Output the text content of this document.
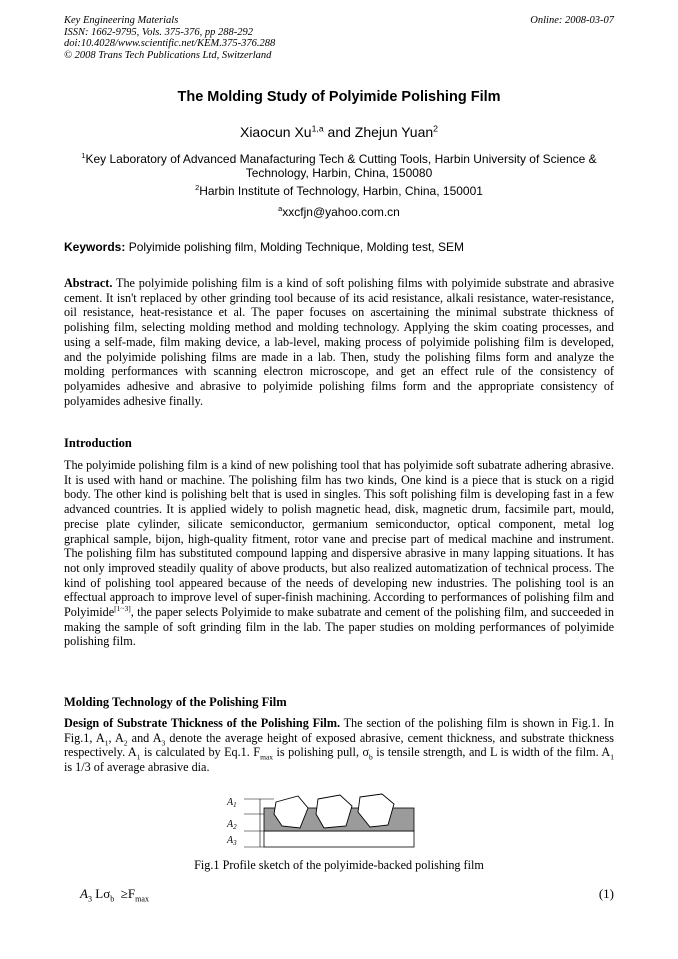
Key Engineering Materials
ISSN: 1662-9795, Vols. 375-376, pp 288-292
doi:10.4028/www.scientific.net/KEM.375-376.288
© 2008 Trans Tech Publications Ltd, Switzerland
Online: 2008-03-07
The Molding Study of Polyimide Polishing Film
Xiaocun Xu$^{1,a}$ and Zhejun Yuan$^2$
$^1$Key Laboratory of Advanced Manafacturing Tech & Cutting Tools, Harbin University of Science & Technology, Harbin, China, 150080
$^2$Harbin Institute of Technology, Harbin, China, 150001
$^a$xxcfjn@yahoo.com.cn
Keywords: Polyimide polishing film, Molding Technique, Molding test, SEM
Abstract. The polyimide polishing film is a kind of soft polishing films with polyimide substrate and abrasive cement. It isn't replaced by other grinding tool because of its acid resistance, alkali resistance, water-resistance, oil resistance, heat-resistance et al. The paper focuses on ascertaining the minimal substrate thickness of polishing film, selecting molding method and molding technology. Applying the skim coating processes, and using a self-made, film making device, a lab-level, making process of polyimide polishing film is developed, and the polyimide polishing films are made in a lab. Then, study the polishing films form and analyze the molding performances with scanning electron microscope, and get an effect rule of the consistency of polyamides adhesive and abrasive to polyimide polishing films form and the appropriate consistency of polyamides adhesive finally.
Introduction
The polyimide polishing film is a kind of new polishing tool that has polyimide soft subatrate adhering abrasive. It is used with hand or machine. The polishing film has two kinds, One kind is a piece that is stuck on a rigid body. The other kind is polishing belt that is used in singles. This soft polishing film is developing fast in a few advanced countries. It is applied widely to polish magnetic head, disk, magnetic drum, facsimile part, mould, precise plate cylinder, silicate semiconductor, germanium semiconductor, optical component, metal log graphical sample, bijon, high-quality fitment, rotor vane and precise part of medical machine and instrument. The polishing film has substituted compound lapping and dispersive abrasive in many lapping situations. It has not only improved steadily quality of above products, but also realized automatization of technical process. The kind of polishing tool appeared because of the needs of developing new industries. The polishing tool is an effectual approach to improve level of super-finish machining. According to performances of polishing film and Polyimide[1~3], the paper selects Polyimide to make subatrate and cement of the polishing film, and succeeded in making the sample of soft grinding film in the lab. The paper studies on molding performances of polyimide polishing film.
Molding Technology of the Polishing Film
Design of Substrate Thickness of the Polishing Film. The section of the polishing film is shown in Fig.1. In Fig.1, $A_1$, $A_2$ and $A_3$ denote the average height of exposed abrasive, cement thickness, and substrate thickness respectively. $A_1$ is calculated by Eq.1. $F_{max}$ is polishing pull, $\sigma_b$ is tensile strength, and L is width of the film. $A_1$ is 1/3 of average abrasive dia.
$A_1$
$A_2$
$A_3$
Fig.1 Profile sketch of the polyimide-backed polishing film
$A_3$ $L\sigma_b \ge F_{max}$	(1)
